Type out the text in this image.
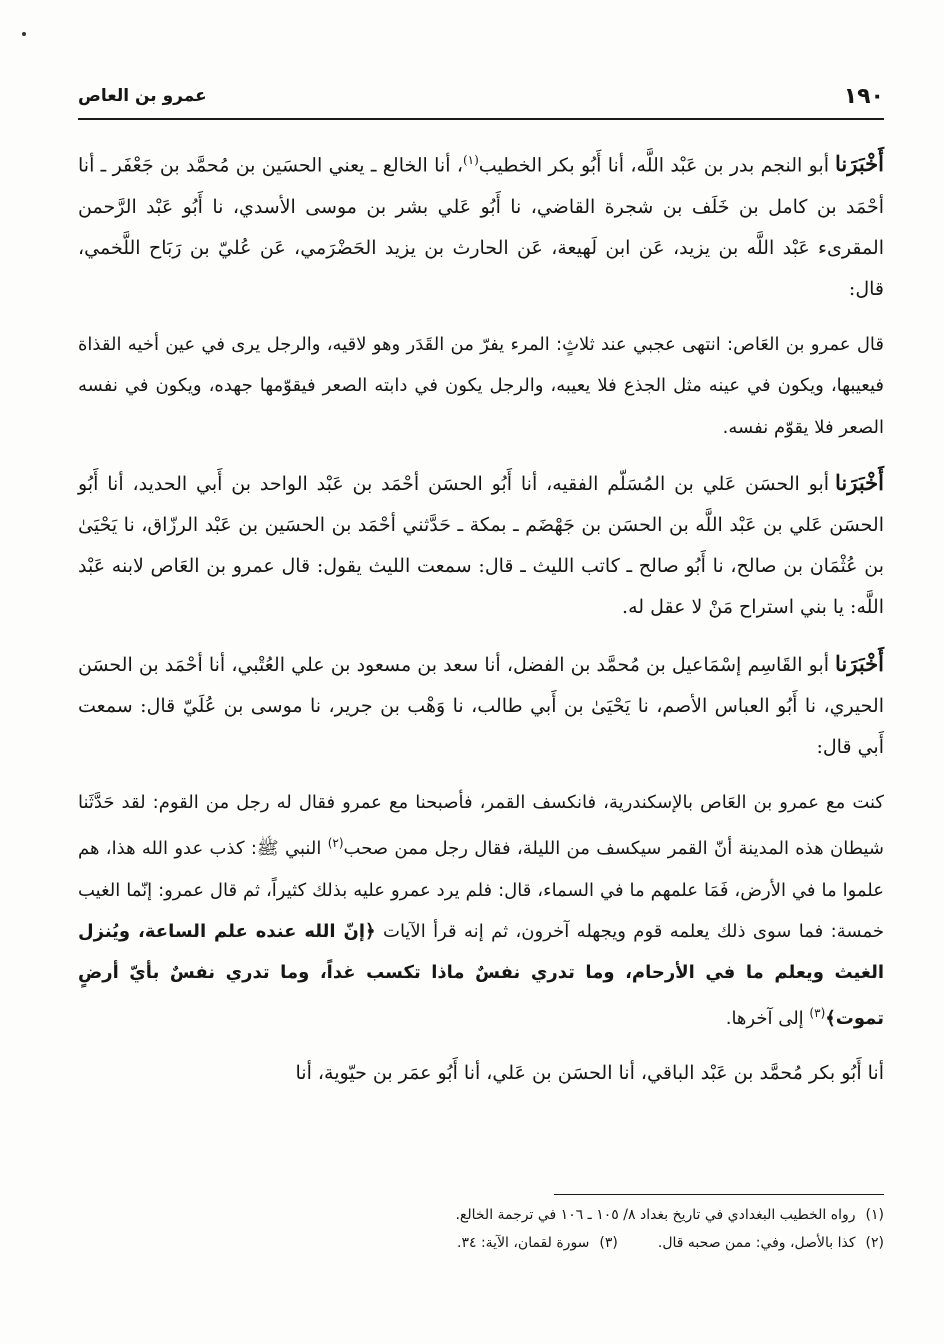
١٩٠
عمرو بن العاص

أَخْبَرَناأبو النجم بدر بن عَبْد اللَّه، أنا أَبُو بكر الخطيب$^{(١)}$، أنا الخالع ـ يعني الحسَين بن مُحمَّد بن جَعْفَر ـ أنا أحْمَد بن كامل بن خَلَف بن شجرة القاضي، نا أَبُو عَلي بشر بن موسى الأسدي، نا أَبُو عَبْد الرَّحمن المقرىء عَبْد اللَّه بن يزيد، عَن ابن لَهيعة، عَن الحارث بن يزيد الحَضْرَمي، عَن عُليّ بن رَبَاح اللَّخمي، قال:

قال عمرو بن العَاص: انتهى عجبي عند ثلاثٍ: المرء يفرّ من القَدَر وهو لاقيه، والرجل يرى في عين أخيه القذاة فيعيبها، ويكون في عينه مثل الجذع فلا يعيبه، والرجل يكون في دابته الصعر فيقوّمها جهده، ويكون في نفسه الصعر فلا يقوّم نفسه.

أَخْبَرَناأبو الحسَن عَلي بن المُسَلّم الفقيه، أنا أَبُو الحسَن أحْمَد بن عَبْد الواحد بن أَبي الحديد، أنا أَبُو الحسَن عَلي بن عَبْد اللَّه بن الحسَن بن جَهْضَم ـ بمكة ـ حَدَّثني أحْمَد بن الحسَين بن عَبْد الرزّاق، نا يَحْيَىٰ بن عُثْمَان بن صالح، نا أَبُو صالح ـ كاتب الليث ـ قال: سمعت الليث يقول: قال عمرو بن العَاص لابنه عَبْد اللَّه: يا بني استراح مَنْ لا عقل له.

أَخْبَرَناأبو القَاسِم إسْمَاعيل بن مُحمَّد بن الفضل، أنا سعد بن مسعود بن علي العُتْبي، أنا أحْمَد بن الحسَن الحيري، نا أَبُو العباس الأصم، نا يَحْيَىٰ بن أَبي طالب، نا وَهْب بن جرير، نا موسى بن عُلَيّ قال: سمعت أَبي قال:

كنت مع عمرو بن العَاص بالإسكندرية، فانكسف القمر، فأصبحنا مع عمرو فقال له رجل من القوم: لقد حَدَّثَنا شيطان هذه المدينة أنّ القمر سيكسف من الليلة، فقال رجل ممن صحب$^{(٢)}$ النبي ﷺ: كذب عدو الله هذا، هم علموا ما في الأرض، فَمَا علمهم ما في السماء، قال: فلم يرد عمرو عليه بذلك كثيراً، ثم قال عمرو: إنّما الغيب خمسة: فما سوى ذلك يعلمه قوم ويجهله آخرون، ثم إنه قرأ الآيات ﴿إنّ الله عنده علم الساعة، ويُنزل الغيث ويعلم ما في الأرحام، وما تدري نفسٌ ماذا تكسب غداً، وما تدري نفسٌ بأيّ أرضٍ تموت﴾$^{(٣)}$ إلى آخرها.

أنا أَبُو بكر مُحمَّد بن عَبْد الباقي، أنا الحسَن بن عَلي، أنا أَبُو عمَر بن حيّوية، أنا

(١)رواه الخطيب البغدادي في تاريخ بغداد ٨/ ١٠٥ ـ ١٠٦ في ترجمة الخالع.
(٢)كذا بالأصل، وفي: ممن صحبه قال.(٣)سورة لقمان، الآية: ٣٤.
